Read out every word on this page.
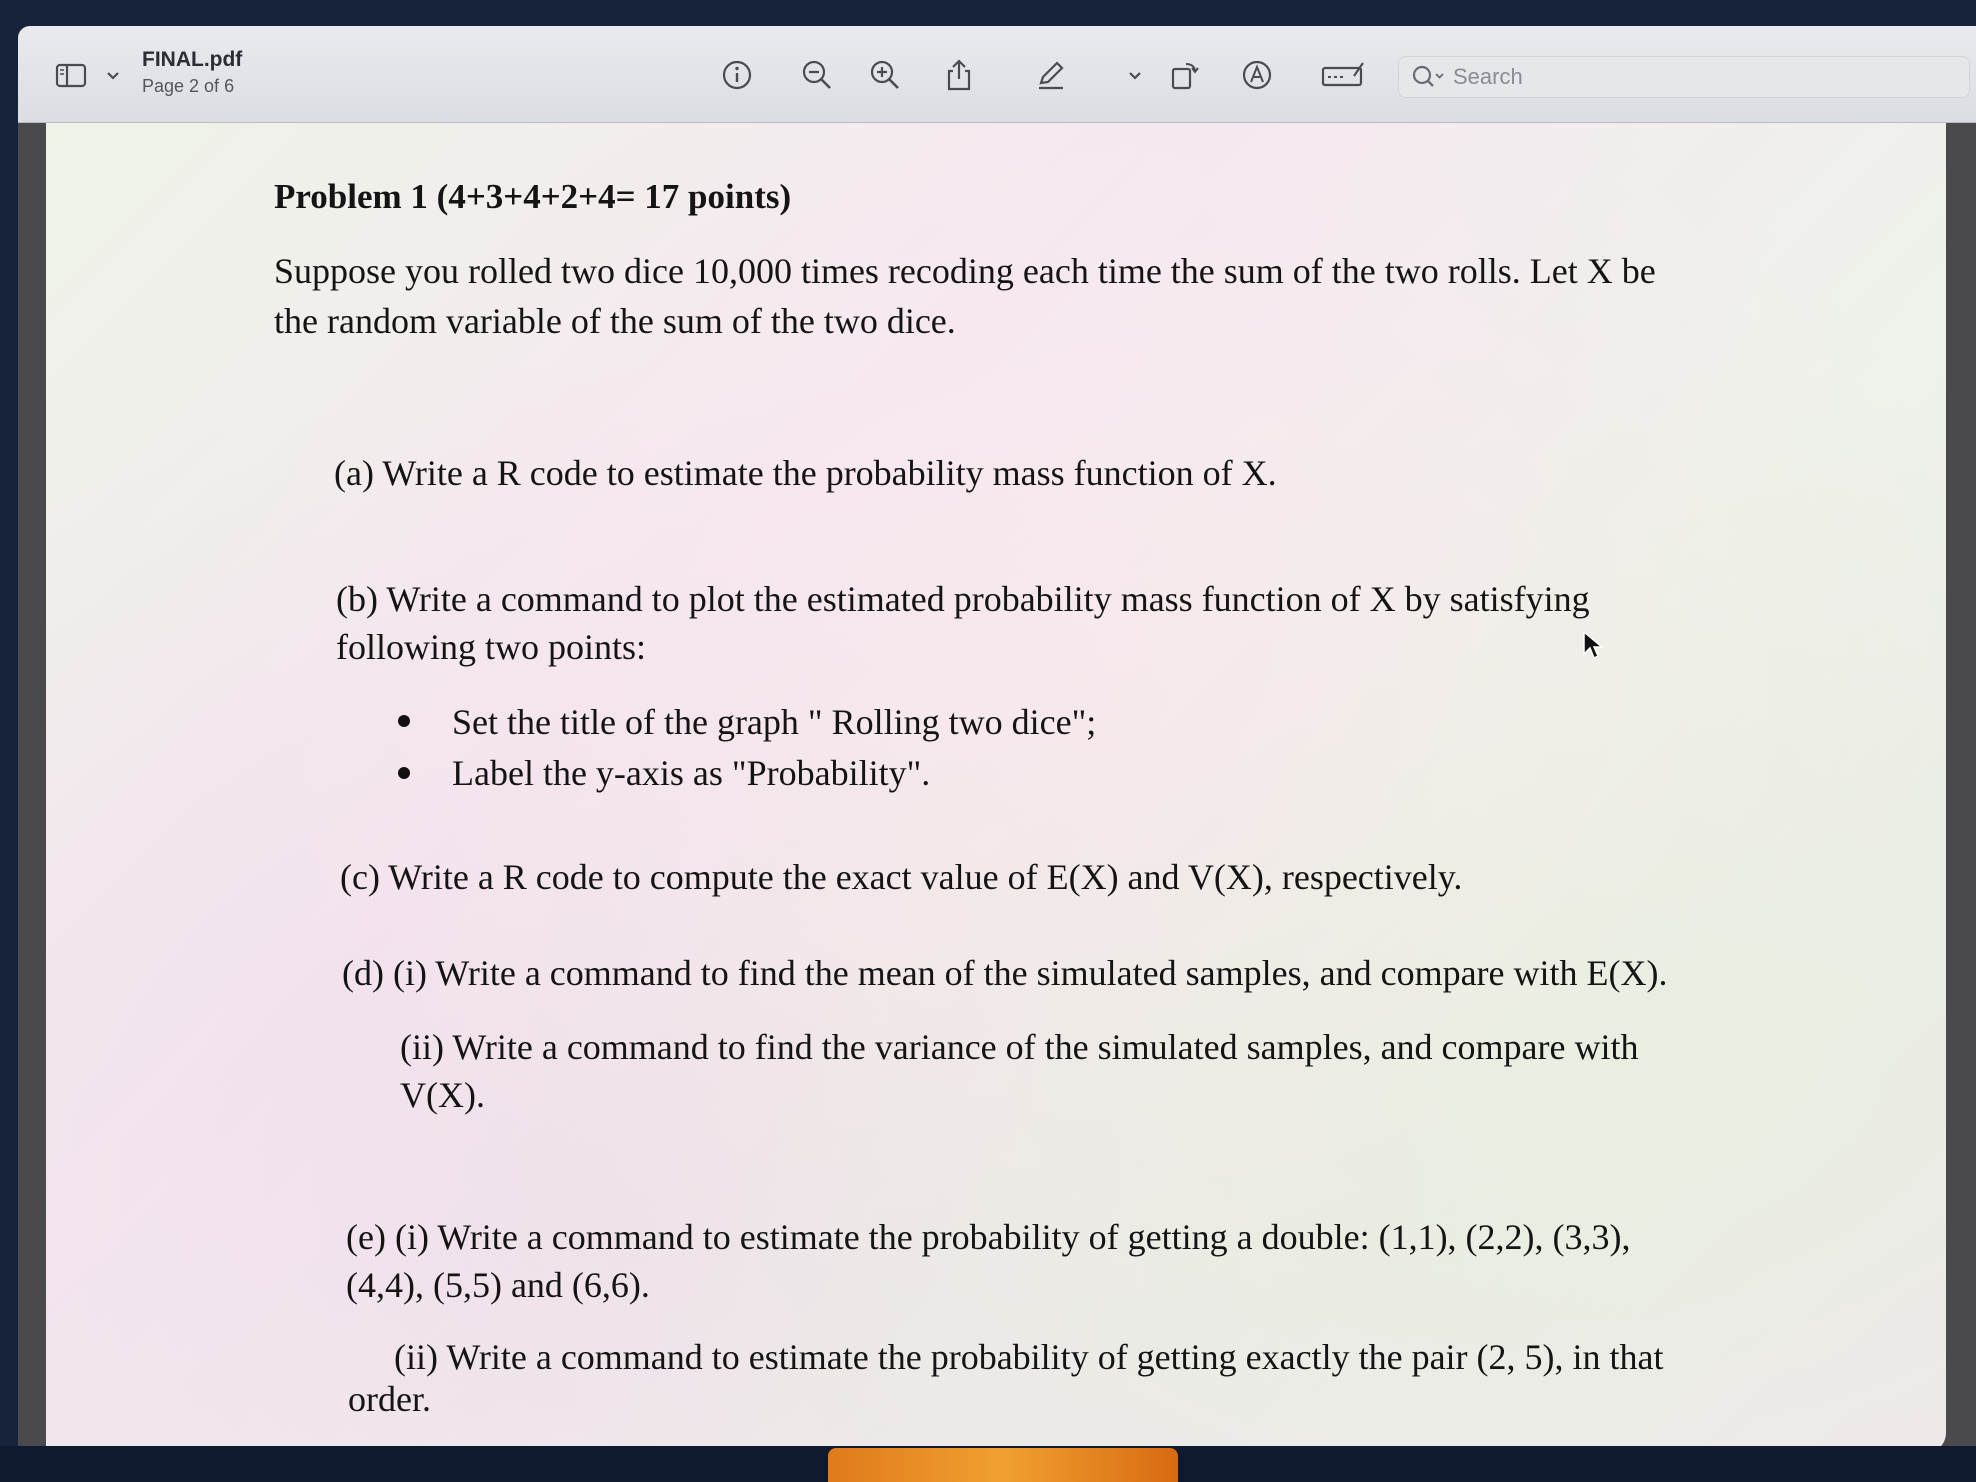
FINAL.pdf
Page 2 of 6
Search
Problem 1 (4+3+4+2+4= 17 points)
Suppose you rolled two dice 10,000 times recoding each time the sum of the two rolls. Let X be
the random variable of the sum of the two dice.
(a) Write a R code to estimate the probability mass function of X.
(b) Write a command to plot the estimated probability mass function of X by satisfying
following two points:
Set the title of the graph " Rolling two dice";
Label the y-axis as "Probability".
(c) Write a R code to compute the exact value of E(X) and V(X), respectively.
(d) (i) Write a command to find the mean of the simulated samples, and compare with E(X).
(ii) Write a command to find the variance of the simulated samples, and compare with
V(X).
(e) (i) Write a command to estimate the probability of getting a double: (1,1), (2,2), (3,3),
(4,4), (5,5) and (6,6).
(ii) Write a command to estimate the probability of getting exactly the pair (2, 5), in that
order.
